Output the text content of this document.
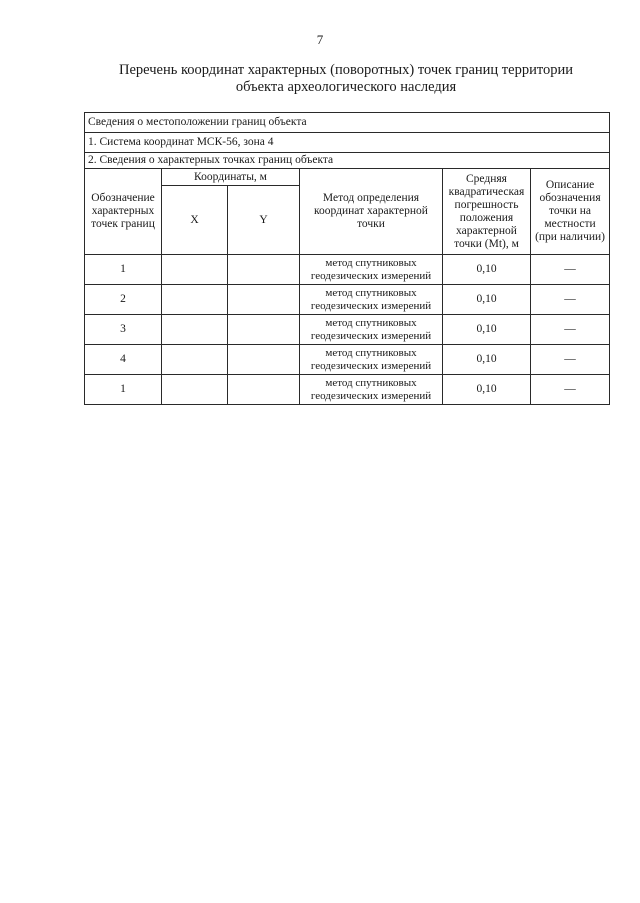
7
Перечень координат характерных (поворотных) точек границ территории
объекта археологического наследия
Сведения о местоположении границ объекта					
1. Система координат МСК-56, зона 4					
2. Сведения о характерных точках границ объекта					
Обозначение характерных точек границ	Координаты, м		Метод определения координат характерной точки	Средняя квадратическая погрешность положения характерной точки (Mt), м	Описание обозначения точки на местности (при наличии)
	X	Y			
1			метод спутниковых геодезических измерений	0,10	—
2			метод спутниковых геодезических измерений	0,10	—
3			метод спутниковых геодезических измерений	0,10	—
4			метод спутниковых геодезических измерений	0,10	—
1			метод спутниковых геодезических измерений	0,10	—
